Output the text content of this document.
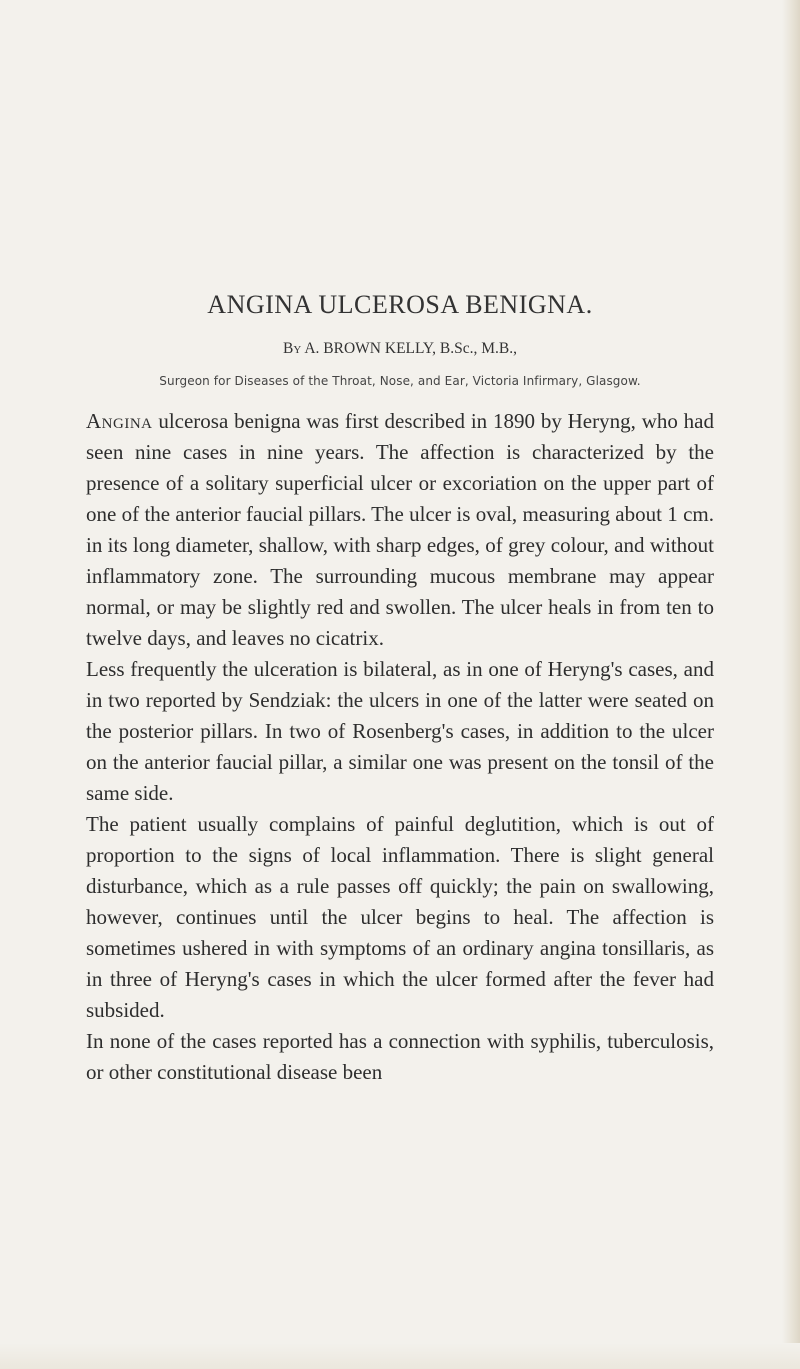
ANGINA ULCEROSA BENIGNA.
By A. BROWN KELLY, B.Sc., M.B.,
Surgeon for Diseases of the Throat, Nose, and Ear, Victoria Infirmary, Glasgow.

Angina ulcerosa benigna was first described in 1890 by Heryng, who had seen nine cases in nine years. The affection is characterized by the presence of a solitary superficial ulcer or excoriation on the upper part of one of the anterior faucial pillars. The ulcer is oval, measuring about 1 cm. in its long diameter, shallow, with sharp edges, of grey colour, and without inflammatory zone. The surrounding mucous membrane may appear normal, or may be slightly red and swollen. The ulcer heals in from ten to twelve days, and leaves no cicatrix.

Less frequently the ulceration is bilateral, as in one of Heryng's cases, and in two reported by Sendziak: the ulcers in one of the latter were seated on the posterior pillars. In two of Rosenberg's cases, in addition to the ulcer on the anterior faucial pillar, a similar one was present on the tonsil of the same side.

The patient usually complains of painful deglutition, which is out of proportion to the signs of local inflammation. There is slight general disturbance, which as a rule passes off quickly; the pain on swallowing, however, continues until the ulcer begins to heal. The affection is sometimes ushered in with symptoms of an ordinary angina tonsillaris, as in three of Heryng's cases in which the ulcer formed after the fever had subsided.

In none of the cases reported has a connection with syphilis, tuberculosis, or other constitutional disease been
